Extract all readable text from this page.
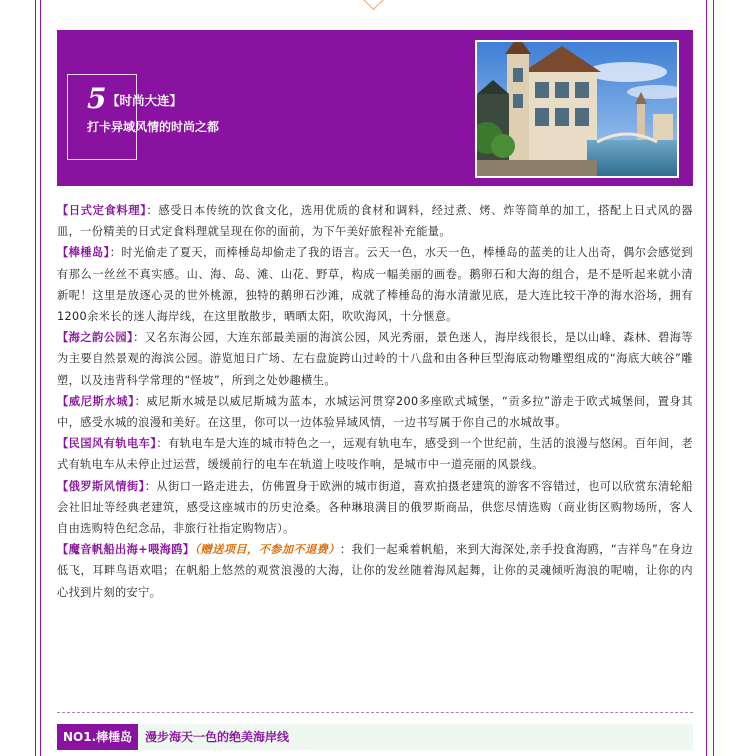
5 【时尚大连】
打卡异域风情的时尚之都

【日式定食料理】：感受日本传统的饮食文化，选用优质的食材和调料，经过煮、烤、炸等简单的加工，搭配上日式风的器皿，一份精美的日式定食料理就呈现在你的面前，为下午美好旅程补充能量。

【棒棰岛】：时光偷走了夏天，而棒棰岛却偷走了我的语言。云天一色，水天一色，棒棰岛的蓝美的让人出奇，偶尔会感觉到有那么一丝丝不真实感。山、海、岛、滩、山花、野草，构成一幅美丽的画卷。鹅卵石和大海的组合，是不是听起来就小清新呢！这里是放逐心灵的世外桃源，独特的鹅卵石沙滩，成就了棒棰岛的海水清澈见底，是大连比较干净的海水浴场，拥有1200余米长的迷人海岸线，在这里散散步，晒晒太阳，吹吹海风，十分惬意。

【海之韵公园】：又名东海公园，大连东部最美丽的海滨公园，风光秀丽，景色迷人，海岸线很长，是以山峰、森林、碧海等为主要自然景观的海滨公园。游览旭日广场、左右盘旋跨山过岭的十八盘和由各种巨型海底动物雕塑组成的“海底大峡谷”雕塑，以及违背科学常理的“怪坡”，所到之处妙趣横生。

【威尼斯水城】：威尼斯水城是以威尼斯城为蓝本，水城运河贯穿200多座欧式城堡，“贡多拉”游走于欧式城堡间，置身其中，感受水城的浪漫和美好。在这里，你可以一边体验异域风情，一边书写属于你自己的水城故事。

【民国风有轨电车】：有轨电车是大连的城市特色之一，远观有轨电车，感受到一个世纪前，生活的浪漫与悠闲。百年间，老式有轨电车从未停止过运营，缓缓前行的电车在轨道上吱吱作响，是城市中一道亮丽的风景线。

【俄罗斯风情街】：从街口一路走进去，仿佛置身于欧洲的城市街道，喜欢拍摄老建筑的游客不容错过，也可以欣赏东清轮船会社旧址等经典老建筑，感受这座城市的历史沧桑。各种琳琅满目的俄罗斯商品，供您尽情选购（商业街区购物场所，客人自由选购特色纪念品，非旅行社指定购物店）。

【魔音帆船出海+喂海鸥】（赠送项目，不参加不退费）：我们一起乘着帆船，来到大海深处,亲手投食海鸥，“吉祥鸟”在身边低飞，耳畔鸟语欢唱；在帆船上悠然的观赏浪漫的大海，让你的发丝随着海风起舞，让你的灵魂倾听海浪的呢喃，让你的内心找到片刻的安宁。

NO1.棒棰岛	漫步海天一色的绝美海岸线
